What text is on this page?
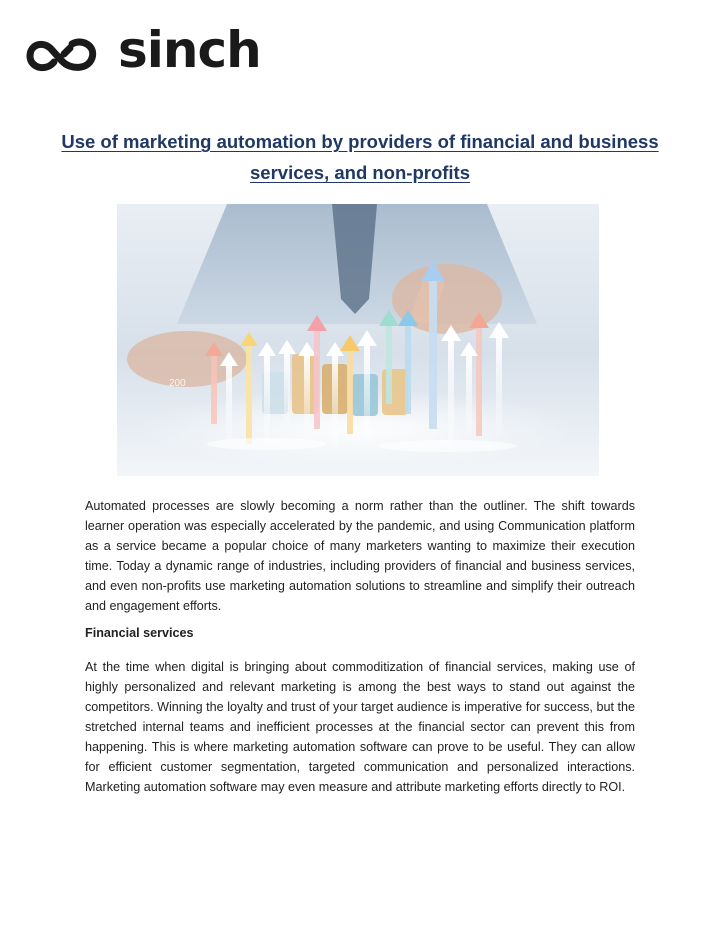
sinch
Use of marketing automation by providers of financial and business services, and non-profits
200

Automated processes are slowly becoming a norm rather than the outliner. The shift towards learner operation was especially accelerated by the pandemic, and using Communication platform as a service became a popular choice of many marketers wanting to maximize their execution time. Today a dynamic range of industries, including providers of financial and business services, and even non-profits use marketing automation solutions to streamline and simplify their outreach and engagement efforts.

Financial services

At the time when digital is bringing about commoditization of financial services, making use of highly personalized and relevant marketing is among the best ways to stand out against the competitors. Winning the loyalty and trust of your target audience is imperative for success, but the stretched internal teams and inefficient processes at the financial sector can prevent this from happening. This is where marketing automation software can prove to be useful. They can allow for efficient customer segmentation, targeted communication and personalized interactions. Marketing automation software may even measure and attribute marketing efforts directly to ROI.
